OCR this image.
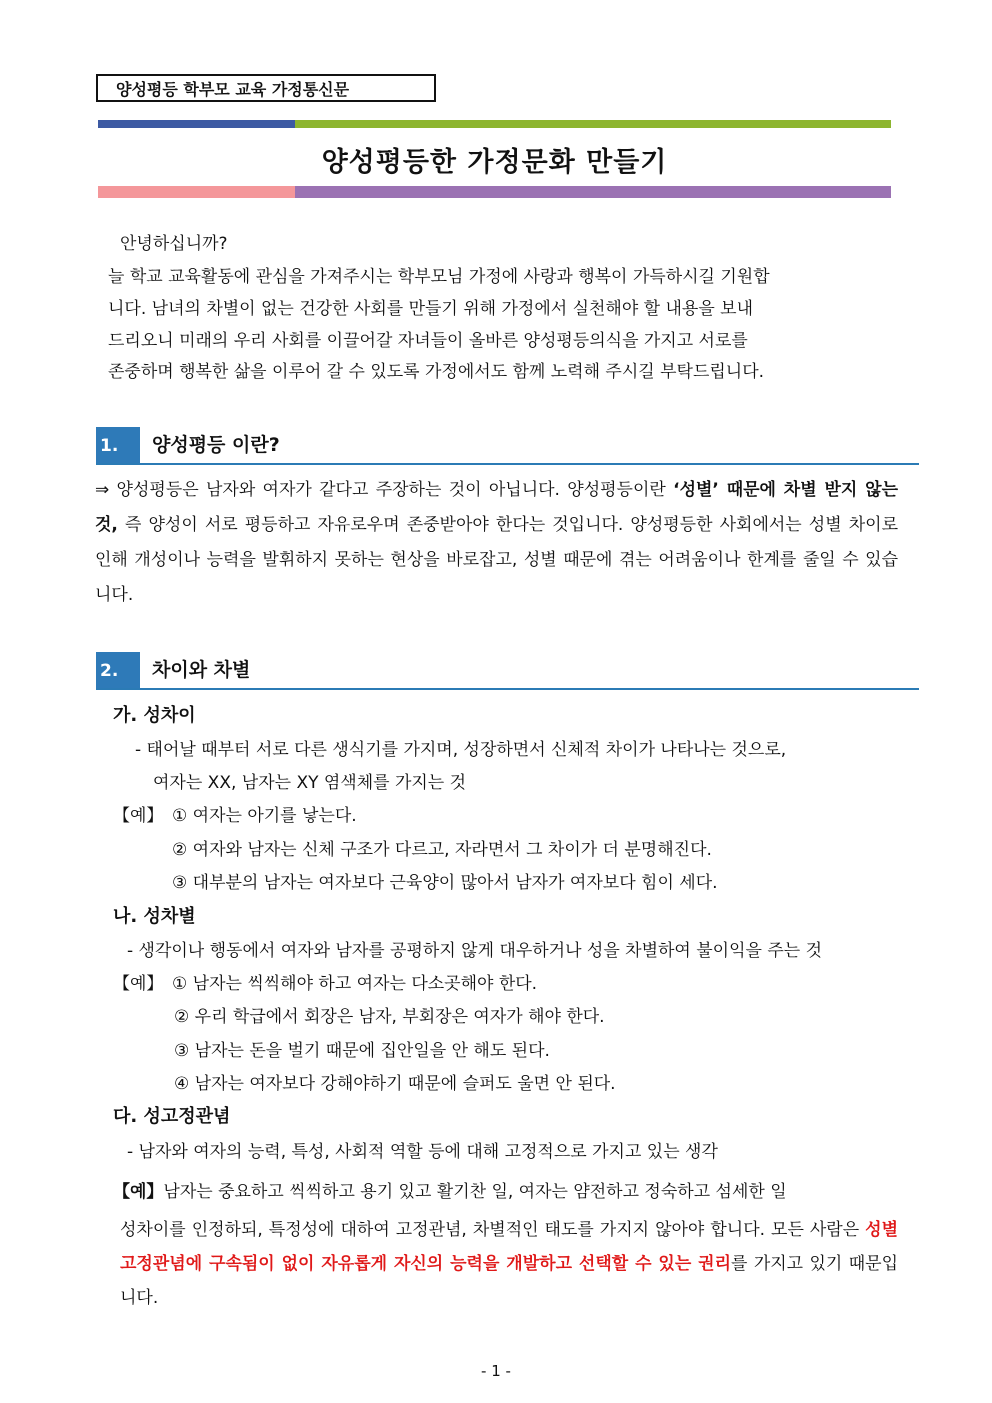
양성평등 학부모 교육 가정통신문
양성평등한 가정문화 만들기
안녕하십니까?
늘 학교 교육활동에 관심을 가져주시는 학부모님 가정에 사랑과 행복이 가득하시길 기원합
니다. 남녀의 차별이 없는 건강한 사회를 만들기 위해 가정에서 실천해야 할 내용을 보내
드리오니 미래의 우리 사회를 이끌어갈 자녀들이 올바른 양성평등의식을 가지고 서로를
존중하며 행복한 삶을 이루어 갈 수 있도록 가정에서도 함께 노력해 주시길 부탁드립니다.
1.	양성평등 이란?
⇒ 양성평등은 남자와 여자가 같다고 주장하는 것이 아닙니다. 양성평등이란 ‘성별’ 때문에 차별 받지 않는 것, 즉 양성이 서로 평등하고 자유로우며 존중받아야 한다는 것입니다. 양성평등한 사회에서는 성별 차이로 인해 개성이나 능력을 발휘하지 못하는 현상을 바로잡고, 성별 때문에 겪는 어려움이나 한계를 줄일 수 있습니다.
2.	차이와 차별
가. 성차이
- 태어날 때부터 서로 다른 생식기를 가지며, 성장하면서 신체적 차이가 나타나는 것으로,
여자는 XX, 남자는 XY 염색체를 가지는 것
【예】 ① 여자는 아기를 낳는다.
② 여자와 남자는 신체 구조가 다르고, 자라면서 그 차이가 더 분명해진다.
③ 대부분의 남자는 여자보다 근육양이 많아서 남자가 여자보다 힘이 세다.
나. 성차별
- 생각이나 행동에서 여자와 남자를 공평하지 않게 대우하거나 성을 차별하여 불이익을 주는 것
【예】 ① 남자는 씩씩해야 하고 여자는 다소곳해야 한다.
② 우리 학급에서 회장은 남자, 부회장은 여자가 해야 한다.
③ 남자는 돈을 벌기 때문에 집안일을 안 해도 된다.
④ 남자는 여자보다 강해야하기 때문에 슬퍼도 울면 안 된다.
다. 성고정관념
- 남자와 여자의 능력, 특성, 사회적 역할 등에 대해 고정적으로 가지고 있는 생각
【예】남자는 중요하고 씩씩하고 용기 있고 활기찬 일, 여자는 얌전하고 정숙하고 섬세한 일
성차이를 인정하되, 특정성에 대하여 고정관념, 차별적인 태도를 가지지 않아야 합니다. 모든 사람은 성별 고정관념에 구속됨이 없이 자유롭게 자신의 능력을 개발하고 선택할 수 있는 권리를 가지고 있기 때문입니다.
- 1 -
